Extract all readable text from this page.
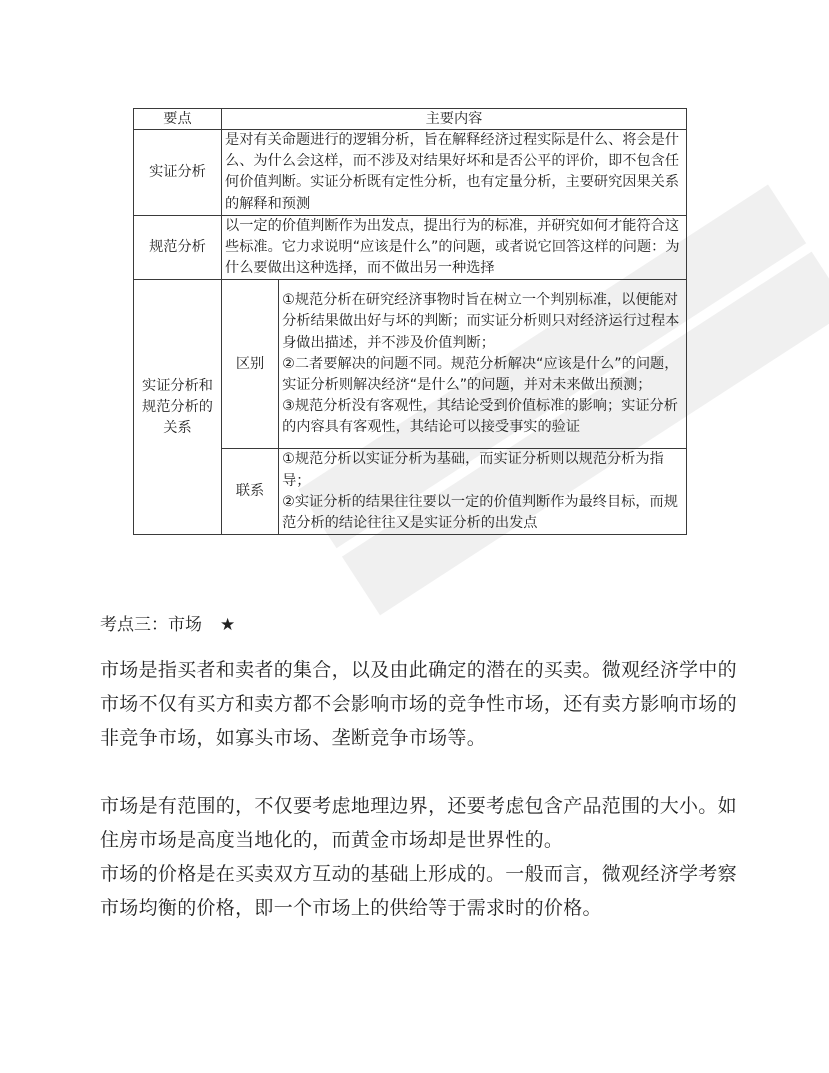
要点	主要内容	
实证分析	是对有关命题进行的逻辑分析，旨在解释经济过程实际是什么、将会是什么、为什么会这样，而不涉及对结果好坏和是否公平的评价，即不包含任何价值判断。实证分析既有定性分析，也有定量分析，主要研究因果关系的解释和预测	
规范分析	以一定的价值判断作为出发点，提出行为的标准，并研究如何才能符合这些标准。它力求说明“应该是什么”的问题，或者说它回答这样的问题：为什么要做出这种选择，而不做出另一种选择	
实证分析和规范分析的关系	区别	①规范分析在研究经济事物时旨在树立一个判别标准，以便能对分析结果做出好与坏的判断；而实证分析则只对经济运行过程本身做出描述，并不涉及价值判断；
②二者要解决的问题不同。规范分析解决“应该是什么”的问题，实证分析则解决经济“是什么”的问题，并对未来做出预测；
③规范分析没有客观性，其结论受到价值标准的影响；实证分析的内容具有客观性，其结论可以接受事实的验证
	联系	①规范分析以实证分析为基础，而实证分析则以规范分析为指导；
②实证分析的结果往往要以一定的价值判断作为最终目标，而规范分析的结论往往又是实证分析的出发点
考点三：市场 ★
市场是指买者和卖者的集合，以及由此确定的潜在的买卖。微观经济学中的市场不仅有买方和卖方都不会影响市场的竞争性市场，还有卖方影响市场的非竞争市场，如寡头市场、垄断竞争市场等。
市场是有范围的，不仅要考虑地理边界，还要考虑包含产品范围的大小。如住房市场是高度当地化的，而黄金市场却是世界性的。
市场的价格是在买卖双方互动的基础上形成的。一般而言，微观经济学考察市场均衡的价格，即一个市场上的供给等于需求时的价格。
